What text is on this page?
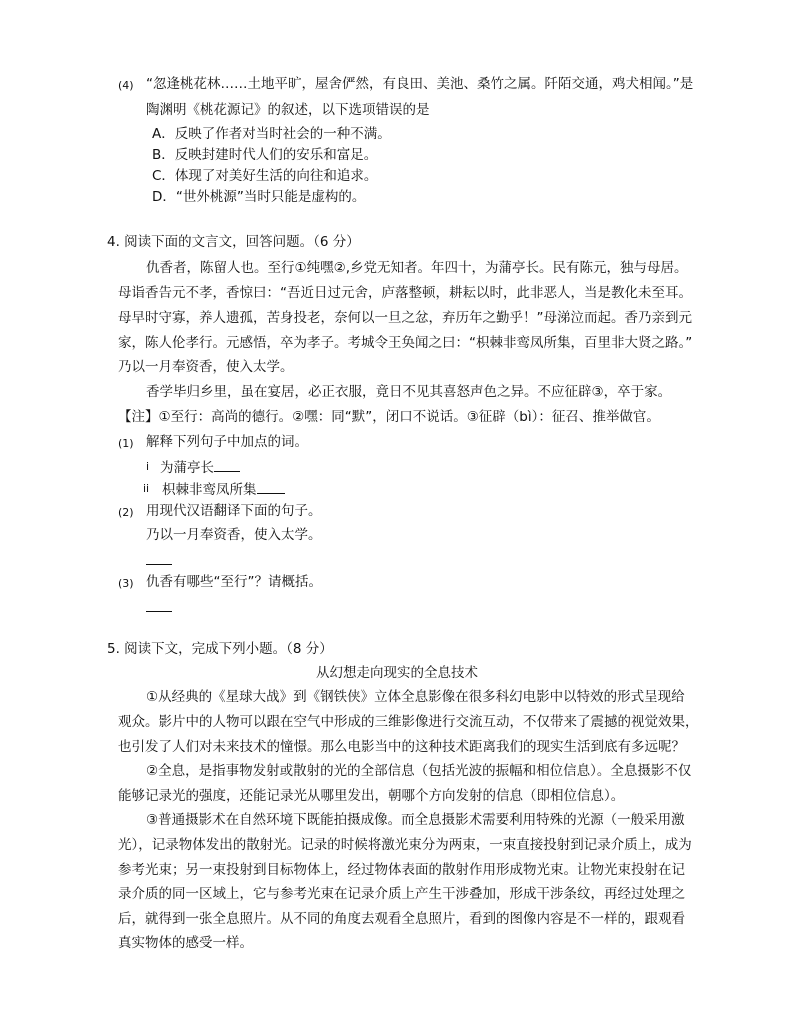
(4) “忽逢桃花林……土地平旷，屋舍俨然，有良田、美池、桑竹之属。阡陌交通，鸡犬相闻。”是
陶渊明《桃花源记》的叙述，以下选项错误的是
A．反映了作者对当时社会的一种不满。
B．反映封建时代人们的安乐和富足。
C．体现了对美好生活的向往和追求。
D．“世外桃源”当时只能是虚构的。
4. 阅读下面的文言文，回答问题。（6 分）
仇香者，陈留人也。至行①纯嘿②,乡党无知者。年四十，为蒲亭长。民有陈元，独与母居。
母诣香告元不孝，香惊曰：“吾近日过元舍，庐落整顿，耕耘以时，此非恶人，当是教化未至耳。
母早时守寡，养人遗孤，苦身投老，奈何以一旦之忿，弃历年之勤乎！”母涕泣而起。香乃亲到元
家，陈人伦孝行。元感悟，卒为孝子。考城令王奂闻之曰：“枳棘非鸾凤所集，百里非大贤之路。”
乃以一月奉资香，使入太学。
香学毕归乡里，虽在宴居，必正衣服，竟日不见其喜怒声色之异。不应征辟③，卒于家。
【注】①至行：高尚的德行。②嘿：同“默”，闭口不说话。③征辟（bì）：征召、推举做官。
(1) 解释下列句子中加点的词。
i 为蒲亭长
ii 枳棘非鸾凤所集
(2) 用现代汉语翻译下面的句子。
乃以一月奉资香，使入太学。
(3) 仇香有哪些“至行”？请概括。
5. 阅读下文，完成下列小题。（8 分）
从幻想走向现实的全息技术
①从经典的《星球大战》到《钢铁侠》立体全息影像在很多科幻电影中以特效的形式呈现给
观众。影片中的人物可以跟在空气中形成的三维影像进行交流互动，不仅带来了震撼的视觉效果，
也引发了人们对未来技术的憧憬。那么电影当中的这种技术距离我们的现实生活到底有多远呢？
②全息，是指事物发射或散射的光的全部信息（包括光波的振幅和相位信息）。全息摄影不仅
能够记录光的强度，还能记录光从哪里发出，朝哪个方向发射的信息（即相位信息）。
③普通摄影术在自然环境下既能拍摄成像。而全息摄影术需要利用特殊的光源（一般采用激
光），记录物体发出的散射光。记录的时候将激光束分为两束，一束直接投射到记录介质上，成为
参考光束；另一束投射到目标物体上，经过物体表面的散射作用形成物光束。让物光束投射在记
录介质的同一区域上，它与参考光束在记录介质上产生干涉叠加，形成干涉条纹，再经过处理之
后，就得到一张全息照片。从不同的角度去观看全息照片，看到的图像内容是不一样的，跟观看
真实物体的感受一样。
